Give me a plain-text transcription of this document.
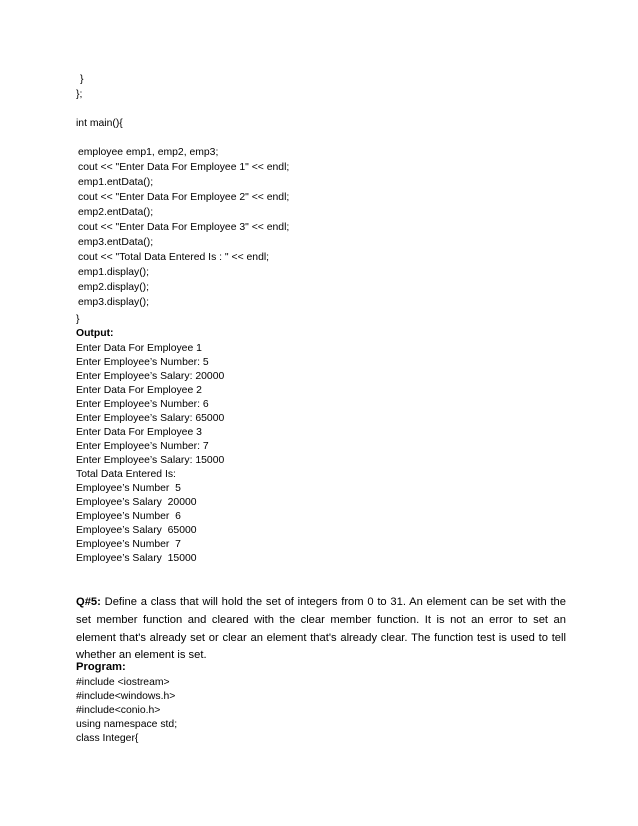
}

};

int main(){

employee emp1, emp2, emp3;

cout << "Enter Data For Employee 1" << endl;

emp1.entData();

cout << "Enter Data For Employee 2" << endl;

emp2.entData();

cout << "Enter Data For Employee 3" << endl;

emp3.entData();

cout << "Total Data Entered Is : " << endl;

emp1.display();

emp2.display();

emp3.display();

}

Output:

Enter Data For Employee 1

Enter Employee’s Number: 5

Enter Employee’s Salary: 20000

Enter Data For Employee 2

Enter Employee’s Number: 6

Enter Employee’s Salary: 65000

Enter Data For Employee 3

Enter Employee’s Number: 7

Enter Employee’s Salary: 15000

Total Data Entered Is:

Employee’s Number  5

Employee’s Salary  20000

Employee’s Number  6

Employee’s Salary  65000

Employee’s Number  7

Employee’s Salary  15000

Q#5: Define a class that will hold the set of integers from 0 to 31. An element can be set with the set member function and cleared with the clear member function. It is not an error to set an element that's already set or clear an element that's already clear. The function test is used to tell whether an element is set.

Program:

#include <iostream>

#include<windows.h>

#include<conio.h>

using namespace std;

class Integer{
